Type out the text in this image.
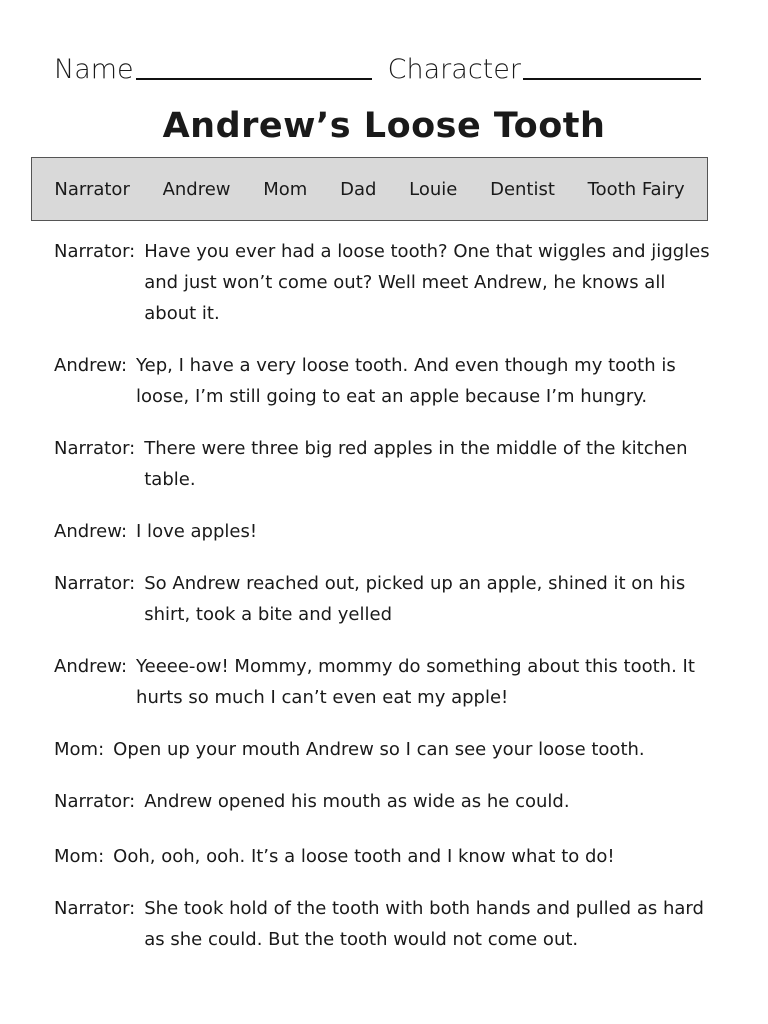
Name	Character
Andrew’s Loose Tooth
Narrator Andrew Mom Dad Louie Dentist Tooth Fairy
Narrator: Have you ever had a loose tooth? One that wiggles and jiggles and just won’t come out? Well meet Andrew, he knows all about it.
Andrew: Yep, I have a very loose tooth. And even though my tooth is loose, I’m still going to eat an apple because I’m hungry.
Narrator: There were three big red apples in the middle of the kitchen table.
Andrew: I love apples!
Narrator: So Andrew reached out, picked up an apple, shined it on his shirt, took a bite and yelled
Andrew: Yeeee-ow! Mommy, mommy do something about this tooth. It hurts so much I can’t even eat my apple!
Mom: Open up your mouth Andrew so I can see your loose tooth.
Narrator: Andrew opened his mouth as wide as he could.
Mom: Ooh, ooh, ooh. It’s a loose tooth and I know what to do!
Narrator: She took hold of the tooth with both hands and pulled as hard as she could. But the tooth would not come out.
